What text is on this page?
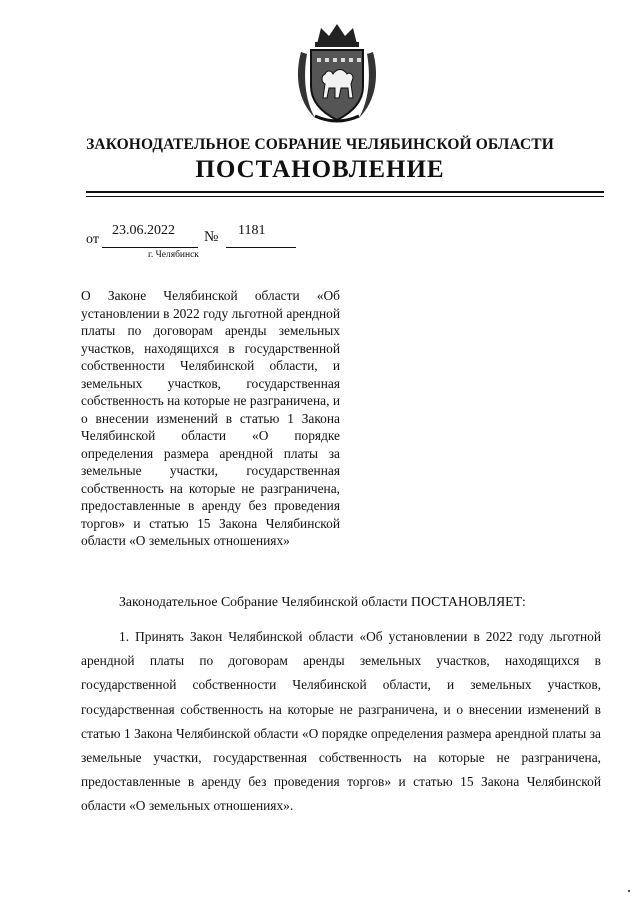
ЗАКОНОДАТЕЛЬНОЕ СОБРАНИЕ ЧЕЛЯБИНСКОЙ ОБЛАСТИ
ПОСТАНОВЛЕНИЕ
от
23.06.2022 № 1181
г. Челябинск
О Законе Челябинской области «Об установлении в 2022 году льготной арендной платы по договорам аренды земельных участков, находящихся в государственной собственности Челябинской области, и земельных участков, государственная собственность на которые не разграничена, и о внесении изменений в статью 1 Закона Челябинской области «О порядке определения размера арендной платы за земельные участки, государственная собственность на которые не разграничена, предоставленные в аренду без проведения торгов» и статью 15 Закона Челябинской области «О земельных отношениях»
Законодательное Собрание Челябинской области ПОСТАНОВЛЯЕТ:
1. Принять Закон Челябинской области «Об установлении в 2022 году льготной арендной платы по договорам аренды земельных участков, находящихся в государственной собственности Челябинской области, и земельных участков, государственная собственность на которые не разграничена, и о внесении изменений в статью 1 Закона Челябинской области «О порядке определения размера арендной платы за земельные участки, государственная собственность на которые не разграничена, предоставленные в аренду без проведения торгов» и статью 15 Закона Челябинской области «О земельных отношениях».
